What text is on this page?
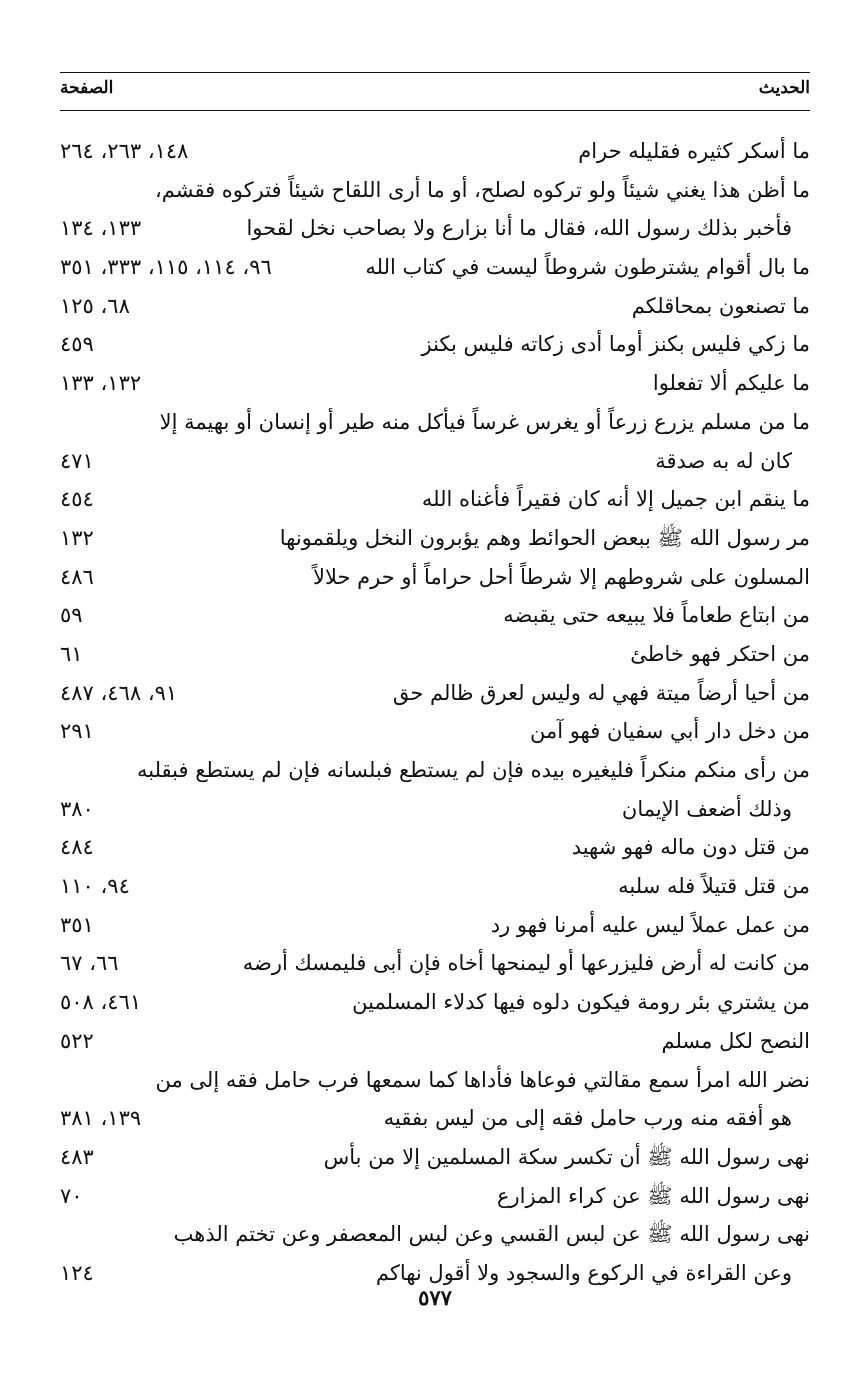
الحديث
الصفحة
ما أسكر كثيره فقليله حرام
١٤٨، ٢٦٣، ٢٦٤
ما أظن هذا يغني شيئاً ولو تركوه لصلح، أو ما أرى اللقاح شيئاً فتركوه فقشم،
فأخبر بذلك رسول الله، فقال ما أنا بزارع ولا بصاحب نخل لقحوا
١٣٣، ١٣٤
ما بال أقوام يشترطون شروطاً ليست في كتاب الله
٩٦، ١١٤، ١١٥، ٣٣٣، ٣٥١
ما تصنعون بمحاقلكم
٦٨، ١٢٥
ما زكي فليس بكنز أوما أدى زكاته فليس بكنز
٤٥٩
ما عليكم ألا تفعلوا
١٣٢، ١٣٣
ما من مسلم يزرع زرعاً أو يغرس غرساً فيأكل منه طير أو إنسان أو بهيمة إلا
كان له به صدقة
٤٧١
ما ينقم ابن جميل إلا أنه كان فقيراً فأغناه الله
٤٥٤
مر رسول الله ﷺ ببعض الحوائط وهم يؤبرون النخل ويلقمونها
١٣٢
المسلون على شروطهم إلا شرطاً أحل حراماً أو حرم حلالاً
٤٨٦
من ابتاع طعاماً فلا يبيعه حتى يقبضه
٥٩
من احتكر فهو خاطئ
٦١
من أحيا أرضاً ميتة فهي له وليس لعرق ظالم حق
٩١، ٤٦٨، ٤٨٧
من دخل دار أبي سفيان فهو آمن
٢٩١
من رأى منكم منكراً فليغيره بيده فإن لم يستطع فبلسانه فإن لم يستطع فبقلبه
وذلك أضعف الإيمان
٣٨٠
من قتل دون ماله فهو شهيد
٤٨٤
من قتل قتيلاً فله سلبه
٩٤، ١١٠
من عمل عملاً ليس عليه أمرنا فهو رد
٣٥١
من كانت له أرض فليزرعها أو ليمنحها أخاه فإن أبى فليمسك أرضه
٦٦، ٦٧
من يشتري بئر رومة فيكون دلوه فيها كدلاء المسلمين
٤٦١، ٥٠٨
النصح لكل مسلم
٥٢٢
نضر الله امرأ سمع مقالتي فوعاها فأداها كما سمعها فرب حامل فقه إلى من
هو أفقه منه ورب حامل فقه إلى من ليس بفقيه
١٣٩، ٣٨١
نهى رسول الله ﷺ أن تكسر سكة المسلمين إلا من بأس
٤٨٣
نهى رسول الله ﷺ عن كراء المزارع
٧٠
نهى رسول الله ﷺ عن لبس القسي وعن لبس المعصفر وعن تختم الذهب
وعن القراءة في الركوع والسجود ولا أقول نهاكم
١٢٤
٥٧٧
